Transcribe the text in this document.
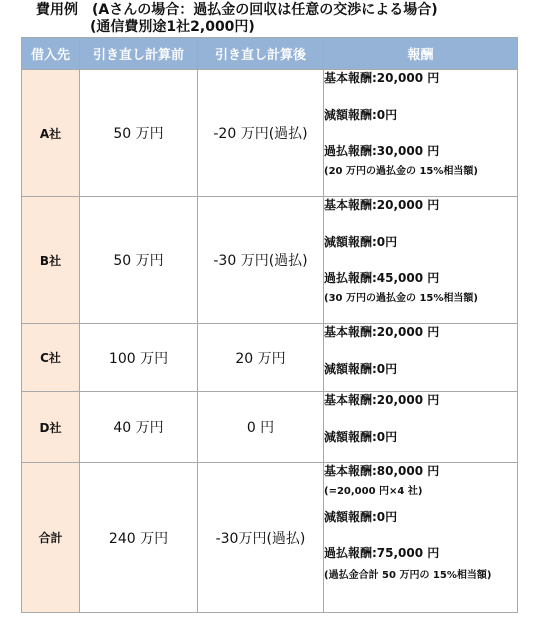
費用例　(Aさんの場合：過払金の回収は任意の交渉による場合)
(通信費別途1社2,000円)
借入先	引き直し計算前	引き直し計算後	報酬
A社	50 万円	-20 万円(過払)	基本報酬:20,000 円
減額報酬:0円
過払報酬:30,000 円
(20 万円の過払金の 15%相当額)

B社	50 万円	-30 万円(過払)	基本報酬:20,000 円
減額報酬:0円
過払報酬:45,000 円
(30 万円の過払金の 15%相当額)

C社	100 万円	20 万円	基本報酬:20,000 円
減額報酬:0円

D社	40 万円	0 円	基本報酬:20,000 円
減額報酬:0円

合計	240 万円	-30万円(過払)	基本報酬:80,000 円
(=20,000 円×4 社)
減額報酬:0円
過払報酬:75,000 円
(過払金合計 50 万円の 15%相当額)
